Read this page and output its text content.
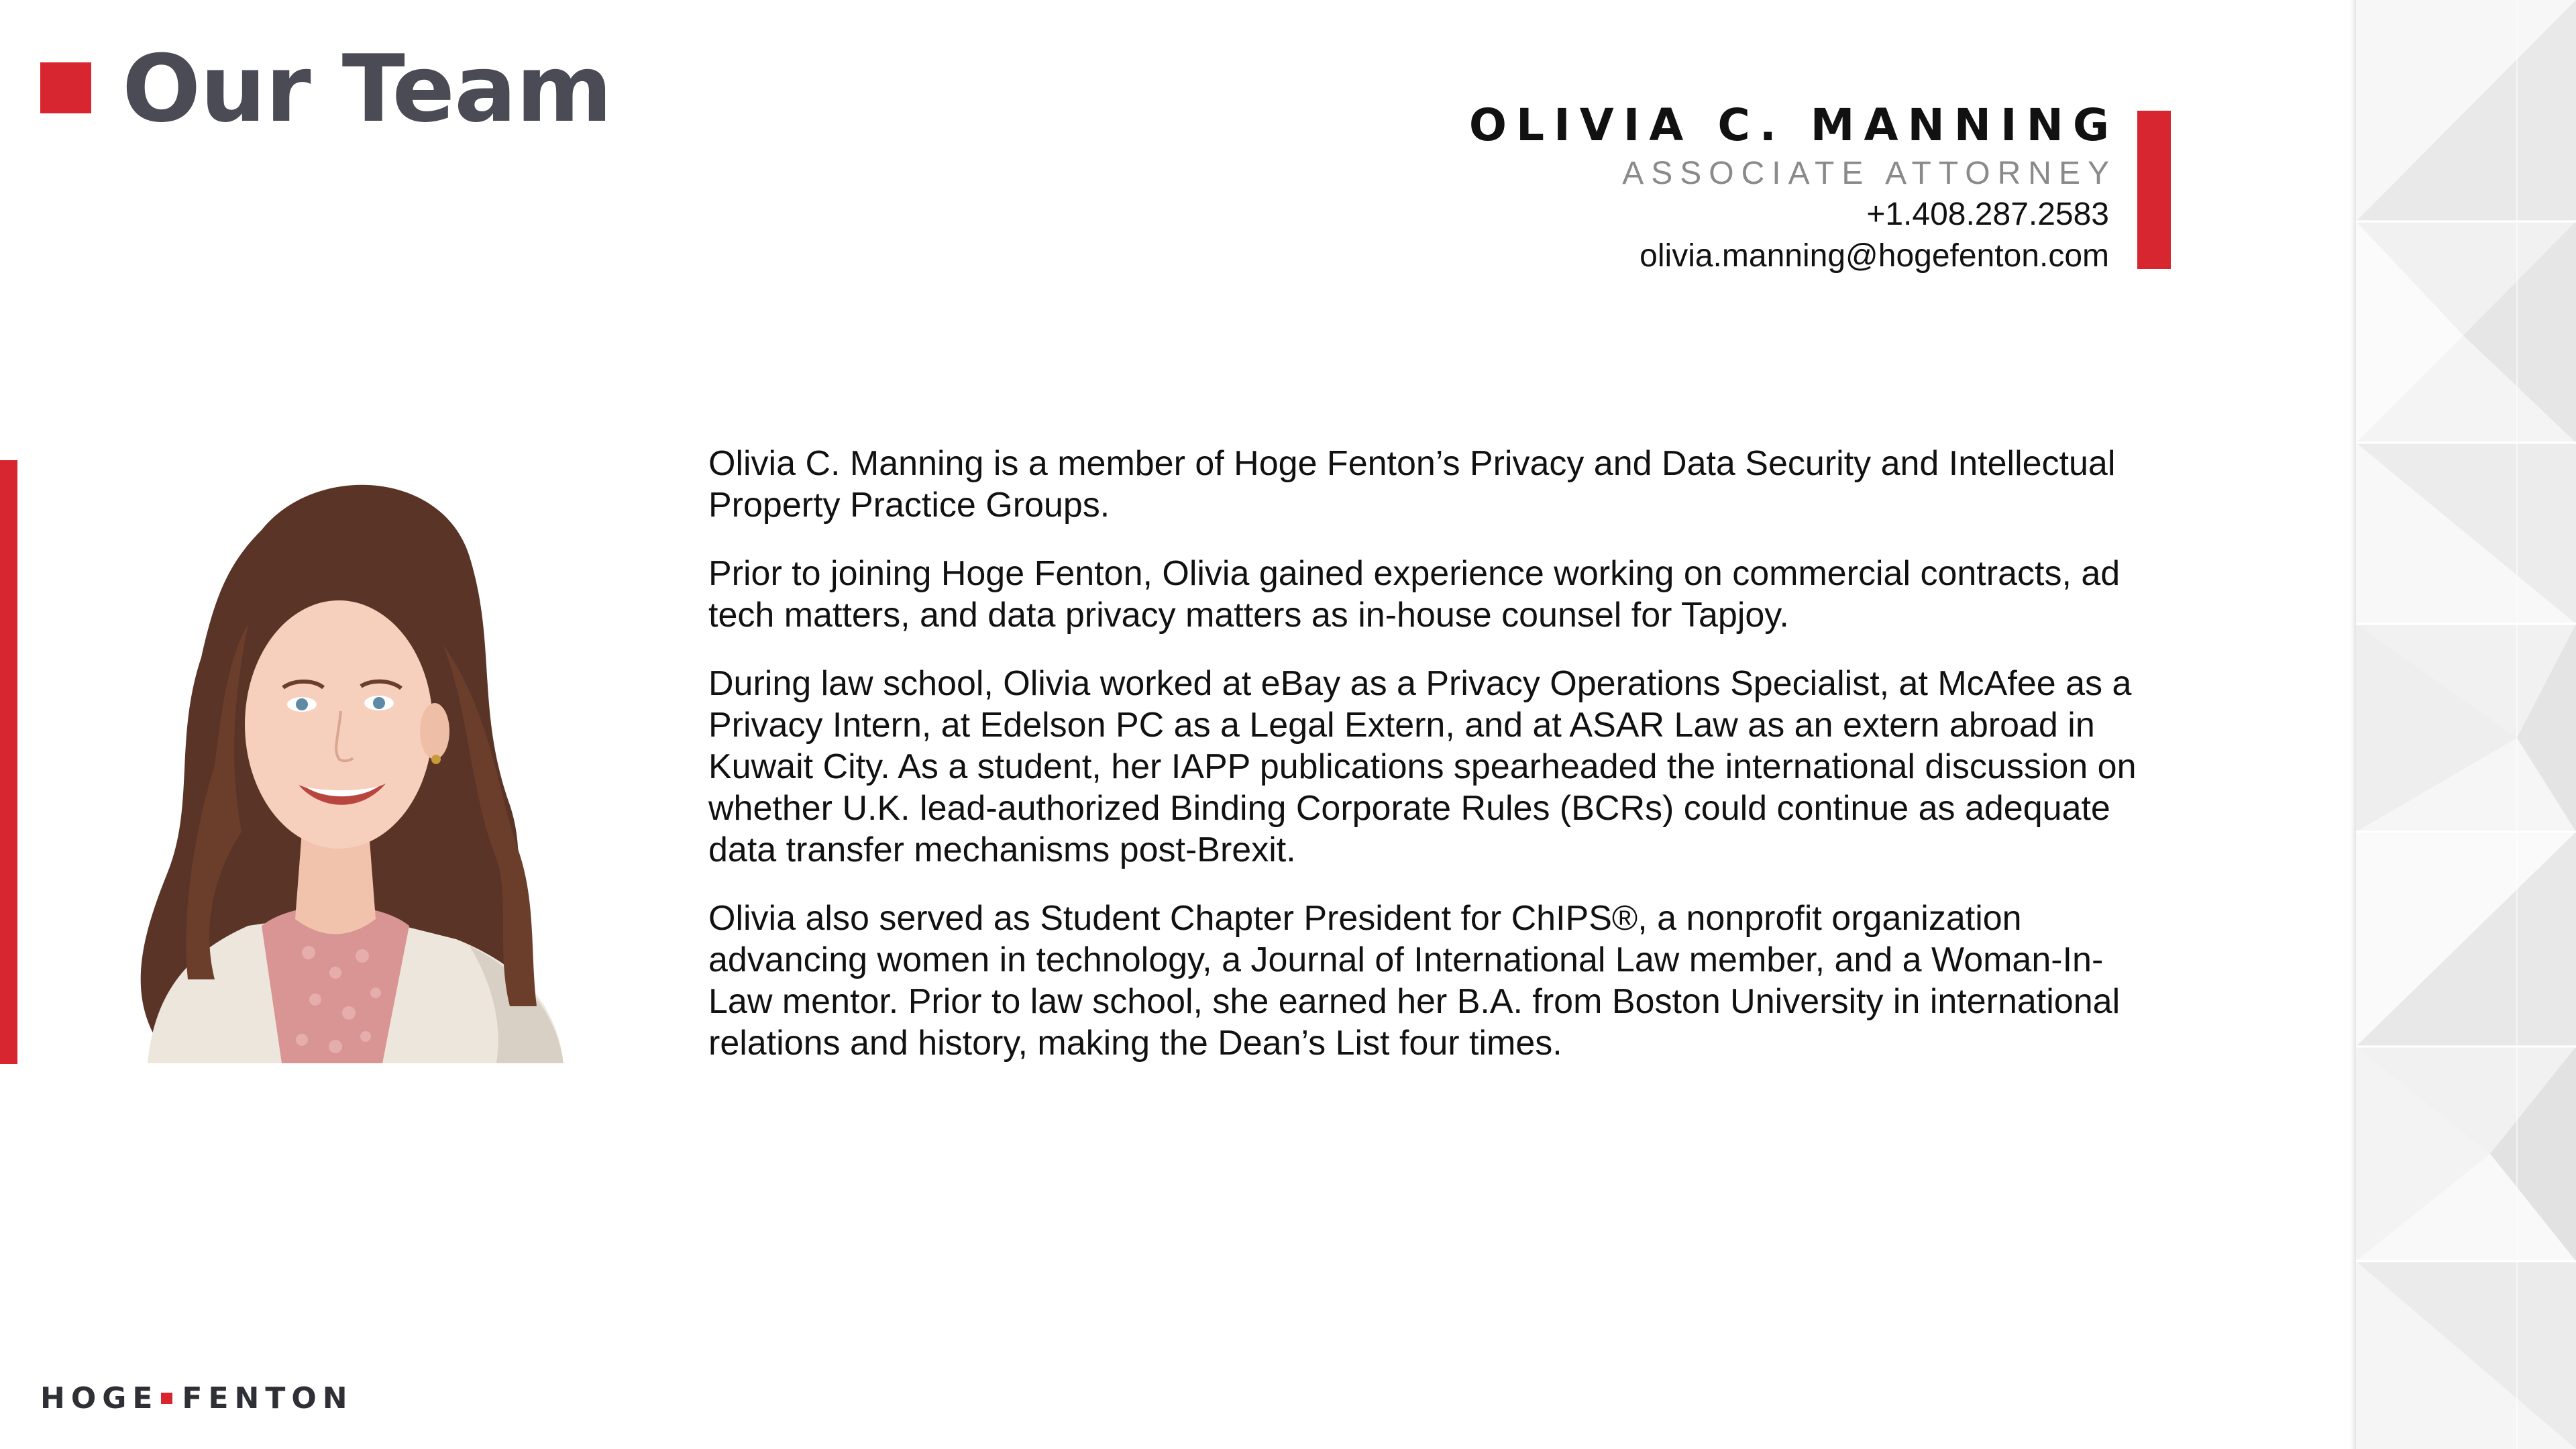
Our Team	OLIVIA C. MANNING
ASSOCIATE ATTORNEY
+1.408.287.2583
olivia.manning@hogefenton.com

Olivia C. Manning is a member of Hoge Fenton’s Privacy and Data Security and Intellectual Property Practice Groups.

Prior to joining Hoge Fenton, Olivia gained experience working on commercial contracts, ad tech matters, and data privacy matters as in-house counsel for Tapjoy.

During law school, Olivia worked at eBay as a Privacy Operations Specialist, at McAfee as a Privacy Intern, at Edelson PC as a Legal Extern, and at ASAR Law as an extern abroad in Kuwait City. As a student, her IAPP publications spearheaded the international discussion on whether U.K. lead-authorized Binding Corporate Rules (BCRs) could continue as adequate data transfer mechanisms post-Brexit.

Olivia also served as Student Chapter President for ChIPS®, a nonprofit organization advancing women in technology, a Journal of International Law member, and a Woman-In-Law mentor. Prior to law school, she earned her B.A. from Boston University in international relations and history, making the Dean’s List four times.

HOGE FENTON
